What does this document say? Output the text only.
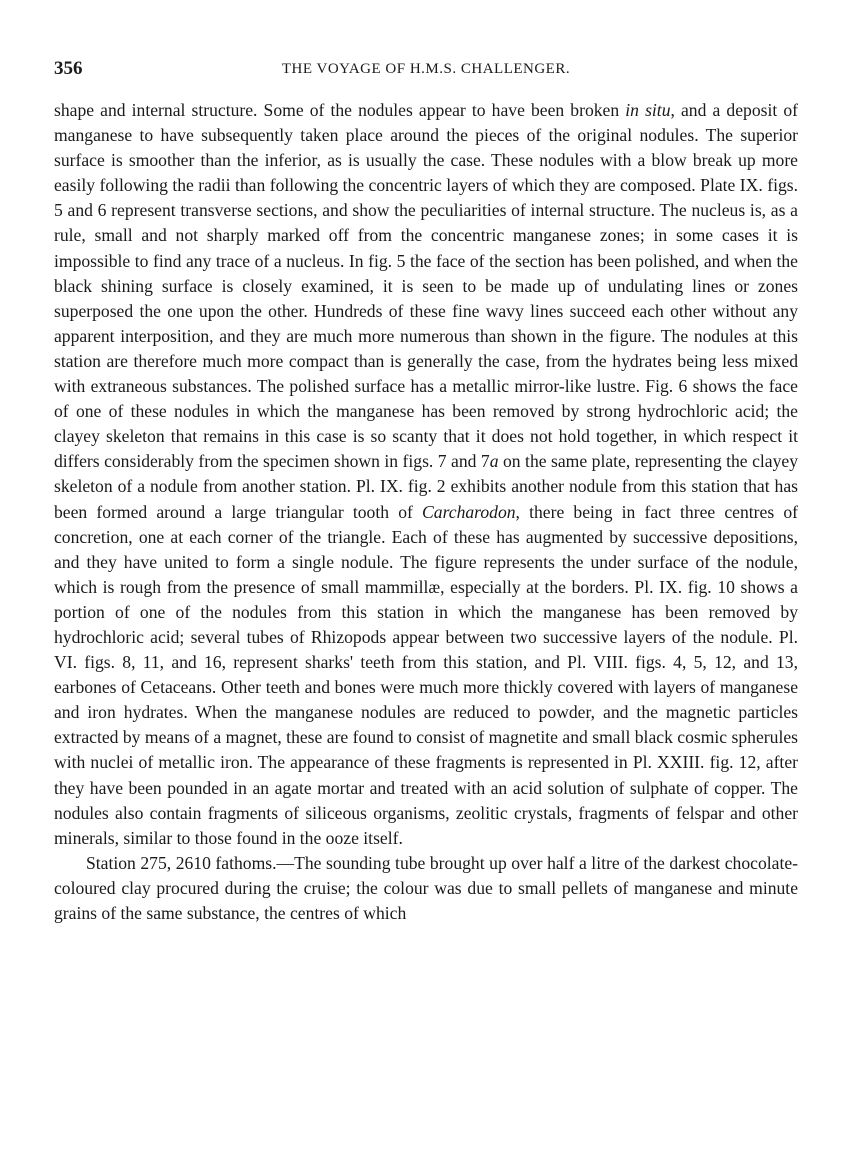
356	THE VOYAGE OF H.M.S. CHALLENGER.

shape and internal structure. Some of the nodules appear to have been broken in situ, and a deposit of manganese to have subsequently taken place around the pieces of the original nodules. The superior surface is smoother than the inferior, as is usually the case. These nodules with a blow break up more easily following the radii than following the concentric layers of which they are composed. Plate IX. figs. 5 and 6 represent transverse sections, and show the peculiarities of internal structure. The nucleus is, as a rule, small and not sharply marked off from the concentric manganese zones; in some cases it is impossible to find any trace of a nucleus. In fig. 5 the face of the section has been polished, and when the black shining surface is closely examined, it is seen to be made up of undulating lines or zones superposed the one upon the other. Hundreds of these fine wavy lines succeed each other without any apparent interposition, and they are much more numerous than shown in the figure. The nodules at this station are therefore much more compact than is generally the case, from the hydrates being less mixed with extraneous substances. The polished surface has a metallic mirror-like lustre. Fig. 6 shows the face of one of these nodules in which the manganese has been removed by strong hydrochloric acid; the clayey skeleton that remains in this case is so scanty that it does not hold together, in which respect it differs considerably from the specimen shown in figs. 7 and 7a on the same plate, representing the clayey skeleton of a nodule from another station. Pl. IX. fig. 2 exhibits another nodule from this station that has been formed around a large triangular tooth of Carcharodon, there being in fact three centres of concretion, one at each corner of the triangle. Each of these has augmented by successive depositions, and they have united to form a single nodule. The figure represents the under surface of the nodule, which is rough from the presence of small mammillæ, especially at the borders. Pl. IX. fig. 10 shows a portion of one of the nodules from this station in which the manganese has been removed by hydrochloric acid; several tubes of Rhizopods appear between two successive layers of the nodule. Pl. VI. figs. 8, 11, and 16, represent sharks' teeth from this station, and Pl. VIII. figs. 4, 5, 12, and 13, earbones of Cetaceans. Other teeth and bones were much more thickly covered with layers of manganese and iron hydrates. When the manganese nodules are reduced to powder, and the magnetic particles extracted by means of a magnet, these are found to consist of magnetite and small black cosmic spherules with nuclei of metallic iron. The appearance of these fragments is represented in Pl. XXIII. fig. 12, after they have been pounded in an agate mortar and treated with an acid solution of sulphate of copper. The nodules also contain fragments of siliceous organisms, zeolitic crystals, fragments of felspar and other minerals, similar to those found in the ooze itself.

Station 275, 2610 fathoms.—The sounding tube brought up over half a litre of the darkest chocolate-coloured clay procured during the cruise; the colour was due to small pellets of manganese and minute grains of the same substance, the centres of which
